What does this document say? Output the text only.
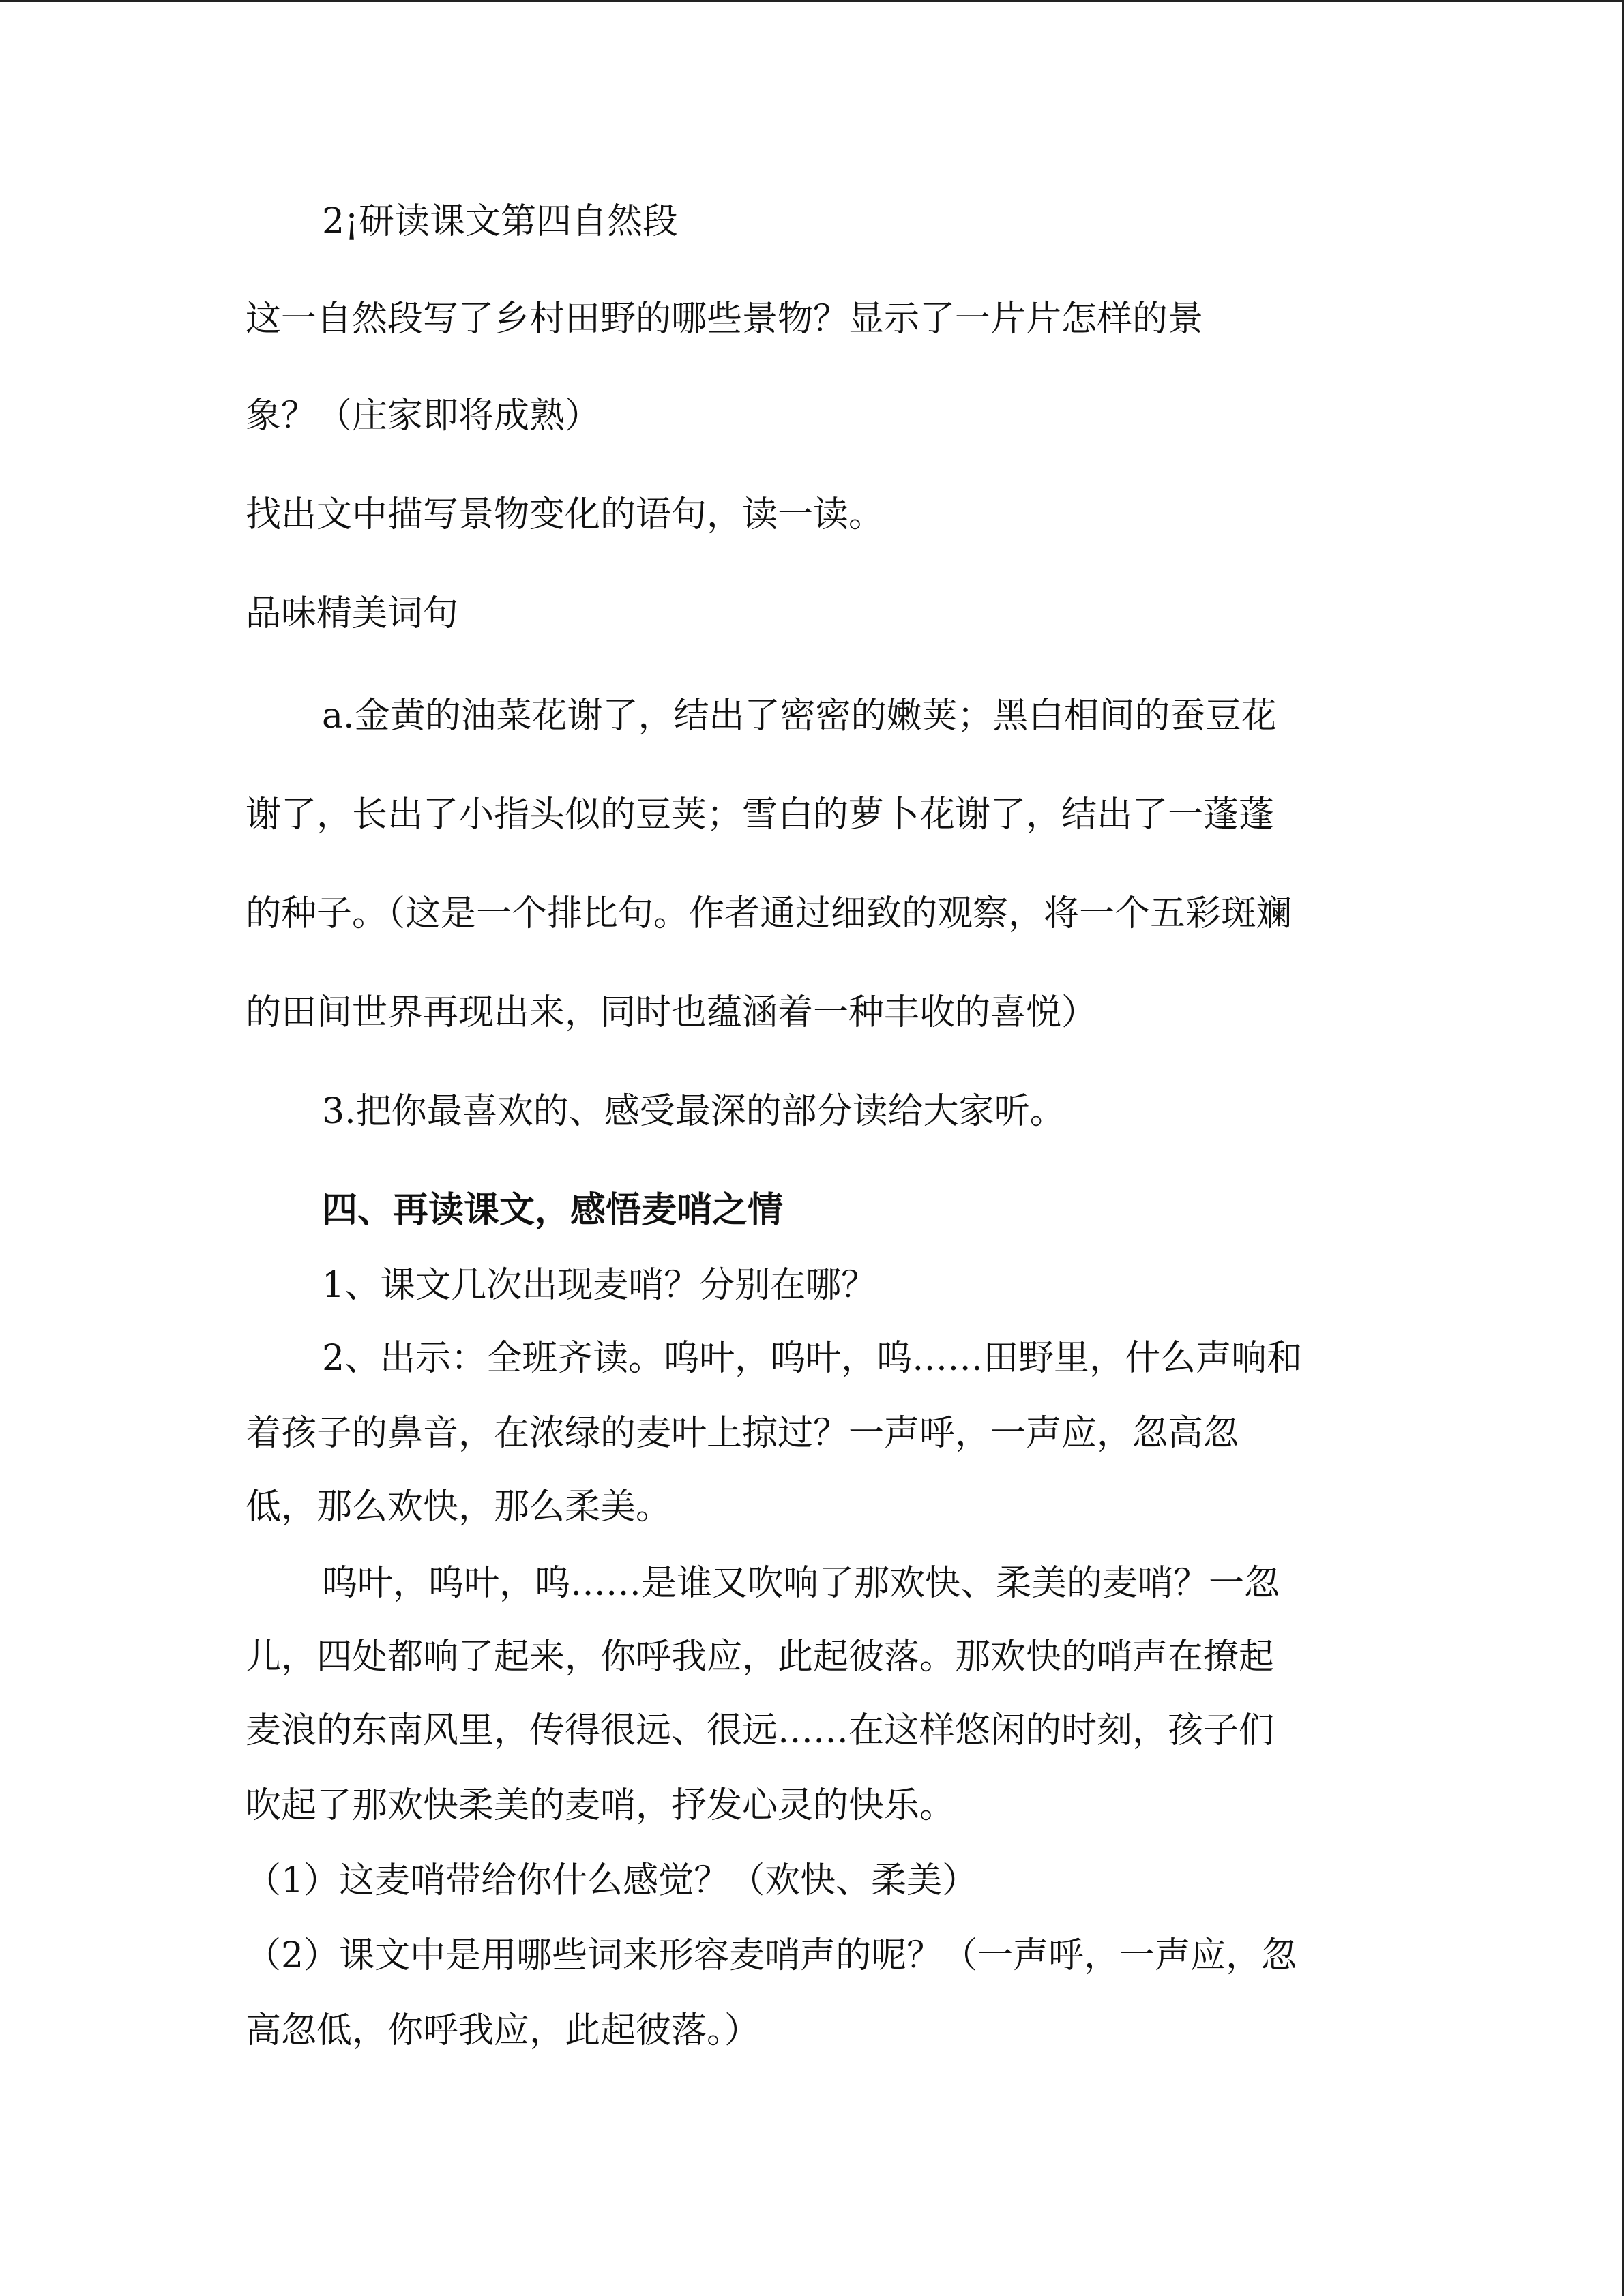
2¡研读课文第四自然段
这一自然段写了乡村田野的哪些景物？显示了一片片怎样的景
象？（庄家即将成熟）
找出文中描写景物变化的语句，读一读。
品味精美词句
a.金黄的油菜花谢了，结出了密密的嫩荚；黑白相间的蚕豆花
谢了，长出了小指头似的豆荚；雪白的萝卜花谢了，结出了一蓬蓬
的种子。（这是一个排比句。作者通过细致的观察，将一个五彩斑斓
的田间世界再现出来，同时也蕴涵着一种丰收的喜悦）
3.把你最喜欢的、感受最深的部分读给大家听。
四、再读课文，感悟麦哨之情
1、课文几次出现麦哨？分别在哪？
2、出示：全班齐读。呜叶，呜叶，呜……田野里，什么声响和
着孩子的鼻音，在浓绿的麦叶上掠过？一声呼，一声应，忽高忽
低，那么欢快，那么柔美。
呜叶，呜叶，呜……是谁又吹响了那欢快、柔美的麦哨？一忽
儿，四处都响了起来，你呼我应，此起彼落。那欢快的哨声在撩起
麦浪的东南风里，传得很远、很远……在这样悠闲的时刻，孩子们
吹起了那欢快柔美的麦哨，抒发心灵的快乐。
（1）这麦哨带给你什么感觉？（欢快、柔美）
（2）课文中是用哪些词来形容麦哨声的呢？（一声呼，一声应，忽
高忽低，你呼我应，此起彼落。）
